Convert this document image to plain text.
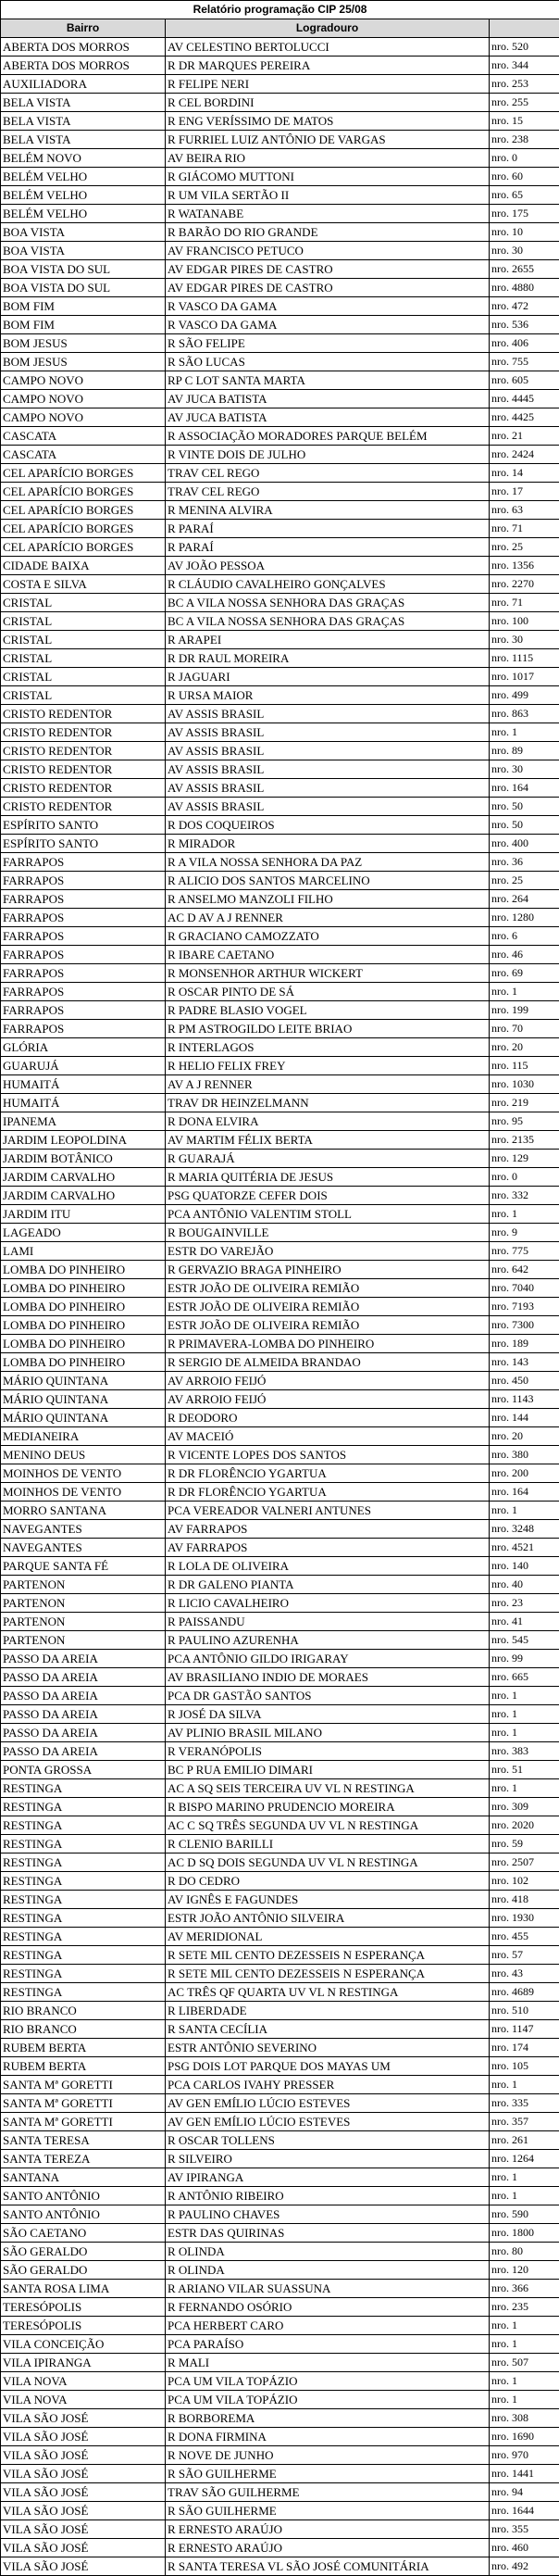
Relatório programação CIP 25/08		
Bairro	Logradouro	
ABERTA DOS MORROS	AV CELESTINO BERTOLUCCI	nro. 520
ABERTA DOS MORROS	R DR MARQUES PEREIRA	nro. 344
AUXILIADORA	R FELIPE NERI	nro. 253
BELA VISTA	R CEL BORDINI	nro. 255
BELA VISTA	R ENG VERÍSSIMO DE MATOS	nro. 15
BELA VISTA	R FURRIEL LUIZ ANTÔNIO DE VARGAS	nro. 238
BELÉM NOVO	AV BEIRA RIO	nro. 0
BELÉM VELHO	R GIÁCOMO MUTTONI	nro. 60
BELÉM VELHO	R UM VILA SERTÃO II	nro. 65
BELÉM VELHO	R WATANABE	nro. 175
BOA VISTA	R BARÃO DO RIO GRANDE	nro. 10
BOA VISTA	AV FRANCISCO PETUCO	nro. 30
BOA VISTA DO SUL	AV EDGAR PIRES DE CASTRO	nro. 2655
BOA VISTA DO SUL	AV EDGAR PIRES DE CASTRO	nro. 4880
BOM FIM	R VASCO DA GAMA	nro. 472
BOM FIM	R VASCO DA GAMA	nro. 536
BOM JESUS	R SÃO FELIPE	nro. 406
BOM JESUS	R SÃO LUCAS	nro. 755
CAMPO NOVO	RP C LOT SANTA MARTA	nro. 605
CAMPO NOVO	AV JUCA BATISTA	nro. 4445
CAMPO NOVO	AV JUCA BATISTA	nro. 4425
CASCATA	R ASSOCIAÇÃO MORADORES PARQUE BELÉM	nro. 21
CASCATA	R VINTE DOIS DE JULHO	nro. 2424
CEL APARÍCIO BORGES	TRAV CEL REGO	nro. 14
CEL APARÍCIO BORGES	TRAV CEL REGO	nro. 17
CEL APARÍCIO BORGES	R MENINA ALVIRA	nro. 63
CEL APARÍCIO BORGES	R PARAÍ	nro. 71
CEL APARÍCIO BORGES	R PARAÍ	nro. 25
CIDADE BAIXA	AV JOÃO PESSOA	nro. 1356
COSTA E SILVA	R CLÁUDIO CAVALHEIRO GONÇALVES	nro. 2270
CRISTAL	BC A VILA NOSSA SENHORA DAS GRAÇAS	nro. 71
CRISTAL	BC A VILA NOSSA SENHORA DAS GRAÇAS	nro. 100
CRISTAL	R ARAPEI	nro. 30
CRISTAL	R DR RAUL MOREIRA	nro. 1115
CRISTAL	R JAGUARI	nro. 1017
CRISTAL	R URSA MAIOR	nro. 499
CRISTO REDENTOR	AV ASSIS BRASIL	nro. 863
CRISTO REDENTOR	AV ASSIS BRASIL	nro. 1
CRISTO REDENTOR	AV ASSIS BRASIL	nro. 89
CRISTO REDENTOR	AV ASSIS BRASIL	nro. 30
CRISTO REDENTOR	AV ASSIS BRASIL	nro. 164
CRISTO REDENTOR	AV ASSIS BRASIL	nro. 50
ESPÍRITO SANTO	R DOS COQUEIROS	nro. 50
ESPÍRITO SANTO	R MIRADOR	nro. 400
FARRAPOS	R A VILA NOSSA SENHORA DA PAZ	nro. 36
FARRAPOS	R ALICIO DOS SANTOS MARCELINO	nro. 25
FARRAPOS	R ANSELMO MANZOLI FILHO	nro. 264
FARRAPOS	AC D AV A J RENNER	nro. 1280
FARRAPOS	R GRACIANO CAMOZZATO	nro. 6
FARRAPOS	R IBARE CAETANO	nro. 46
FARRAPOS	R MONSENHOR ARTHUR WICKERT	nro. 69
FARRAPOS	R OSCAR PINTO DE SÁ	nro. 1
FARRAPOS	R PADRE BLASIO VOGEL	nro. 199
FARRAPOS	R PM ASTROGILDO LEITE BRIAO	nro. 70
GLÓRIA	R INTERLAGOS	nro. 20
GUARUJÁ	R HELIO FELIX FREY	nro. 115
HUMAITÁ	AV A J RENNER	nro. 1030
HUMAITÁ	TRAV DR HEINZELMANN	nro. 219
IPANEMA	R DONA ELVIRA	nro. 95
JARDIM LEOPOLDINA	AV MARTIM FÉLIX BERTA	nro. 2135
JARDIM BOTÂNICO	R GUARAJÁ	nro. 129
JARDIM CARVALHO	R MARIA QUITÉRIA DE JESUS	nro. 0
JARDIM CARVALHO	PSG QUATORZE CEFER DOIS	nro. 332
JARDIM ITU	PCA ANTÔNIO VALENTIM STOLL	nro. 1
LAGEADO	R BOUGAINVILLE	nro. 9
LAMI	ESTR DO VAREJÃO	nro. 775
LOMBA DO PINHEIRO	R GERVAZIO BRAGA PINHEIRO	nro. 642
LOMBA DO PINHEIRO	ESTR JOÃO DE OLIVEIRA REMIÃO	nro. 7040
LOMBA DO PINHEIRO	ESTR JOÃO DE OLIVEIRA REMIÃO	nro. 7193
LOMBA DO PINHEIRO	ESTR JOÃO DE OLIVEIRA REMIÃO	nro. 7300
LOMBA DO PINHEIRO	R PRIMAVERA-LOMBA DO PINHEIRO	nro. 189
LOMBA DO PINHEIRO	R SERGIO DE ALMEIDA BRANDAO	nro. 143
MÁRIO QUINTANA	AV ARROIO FEIJÓ	nro. 450
MÁRIO QUINTANA	AV ARROIO FEIJÓ	nro. 1143
MÁRIO QUINTANA	R DEODORO	nro. 144
MEDIANEIRA	AV MACEIÓ	nro. 20
MENINO DEUS	R VICENTE LOPES DOS SANTOS	nro. 380
MOINHOS DE VENTO	R DR FLORÊNCIO YGARTUA	nro. 200
MOINHOS DE VENTO	R DR FLORÊNCIO YGARTUA	nro. 164
MORRO SANTANA	PCA VEREADOR VALNERI ANTUNES	nro. 1
NAVEGANTES	AV FARRAPOS	nro. 3248
NAVEGANTES	AV FARRAPOS	nro. 4521
PARQUE SANTA FÉ	R LOLA DE OLIVEIRA	nro. 140
PARTENON	R DR GALENO PIANTA	nro. 40
PARTENON	R LICIO CAVALHEIRO	nro. 23
PARTENON	R PAISSANDU	nro. 41
PARTENON	R PAULINO AZURENHA	nro. 545
PASSO DA AREIA	PCA ANTÔNIO GILDO IRIGARAY	nro. 99
PASSO DA AREIA	AV BRASILIANO INDIO DE MORAES	nro. 665
PASSO DA AREIA	PCA DR GASTÃO SANTOS	nro. 1
PASSO DA AREIA	R JOSÉ DA SILVA	nro. 1
PASSO DA AREIA	AV PLINIO BRASIL MILANO	nro. 1
PASSO DA AREIA	R VERANÓPOLIS	nro. 383
PONTA GROSSA	BC P RUA EMILIO DIMARI	nro. 51
RESTINGA	AC A SQ SEIS TERCEIRA UV VL N RESTINGA	nro. 1
RESTINGA	R BISPO MARINO PRUDENCIO MOREIRA	nro. 309
RESTINGA	AC C SQ TRÊS SEGUNDA UV VL N RESTINGA	nro. 2020
RESTINGA	R CLENIO BARILLI	nro. 59
RESTINGA	AC D SQ DOIS SEGUNDA UV VL N RESTINGA	nro. 2507
RESTINGA	R DO CEDRO	nro. 102
RESTINGA	AV IGNÊS E FAGUNDES	nro. 418
RESTINGA	ESTR JOÃO ANTÔNIO SILVEIRA	nro. 1930
RESTINGA	AV MERIDIONAL	nro. 455
RESTINGA	R SETE MIL CENTO DEZESSEIS N ESPERANÇA	nro. 57
RESTINGA	R SETE MIL CENTO DEZESSEIS N ESPERANÇA	nro. 43
RESTINGA	AC TRÊS QF QUARTA UV VL N RESTINGA	nro. 4689
RIO BRANCO	R LIBERDADE	nro. 510
RIO BRANCO	R SANTA CECÍLIA	nro. 1147
RUBEM BERTA	ESTR ANTÔNIO SEVERINO	nro. 174
RUBEM BERTA	PSG DOIS LOT PARQUE DOS MAYAS UM	nro. 105
SANTA Mª GORETTI	PCA CARLOS IVAHY PRESSER	nro. 1
SANTA Mª GORETTI	AV GEN EMÍLIO LÚCIO ESTEVES	nro. 335
SANTA Mª GORETTI	AV GEN EMÍLIO LÚCIO ESTEVES	nro. 357
SANTA TERESA	R OSCAR TOLLENS	nro. 261
SANTA TEREZA	R SILVEIRO	nro. 1264
SANTANA	AV IPIRANGA	nro. 1
SANTO ANTÔNIO	R ANTÔNIO RIBEIRO	nro. 1
SANTO ANTÔNIO	R PAULINO CHAVES	nro. 590
SÃO CAETANO	ESTR DAS QUIRINAS	nro. 1800
SÃO GERALDO	R OLINDA	nro. 80
SÃO GERALDO	R OLINDA	nro. 120
SANTA ROSA LIMA	R ARIANO VILAR SUASSUNA	nro. 366
TERESÓPOLIS	R FERNANDO OSÓRIO	nro. 235
TERESÓPOLIS	PCA HERBERT CARO	nro. 1
VILA CONCEIÇÃO	PCA PARAÍSO	nro. 1
VILA IPIRANGA	R MALI	nro. 507
VILA NOVA	PCA UM VILA TOPÁZIO	nro. 1
VILA NOVA	PCA UM VILA TOPÁZIO	nro. 1
VILA SÃO JOSÉ	R BORBOREMA	nro. 308
VILA SÃO JOSÉ	R DONA FIRMINA	nro. 1690
VILA SÃO JOSÉ	R NOVE DE JUNHO	nro. 970
VILA SÃO JOSÉ	R SÃO GUILHERME	nro. 1441
VILA SÃO JOSÉ	TRAV SÃO GUILHERME	nro. 94
VILA SÃO JOSÉ	R SÃO GUILHERME	nro. 1644
VILA SÃO JOSÉ	R ERNESTO ARAÚJO	nro. 355
VILA SÃO JOSÉ	R ERNESTO ARAÚJO	nro. 460
VILA SÃO JOSÉ	R SANTA TERESA VL SÃO JOSÉ COMUNITÁRIA	nro. 492
